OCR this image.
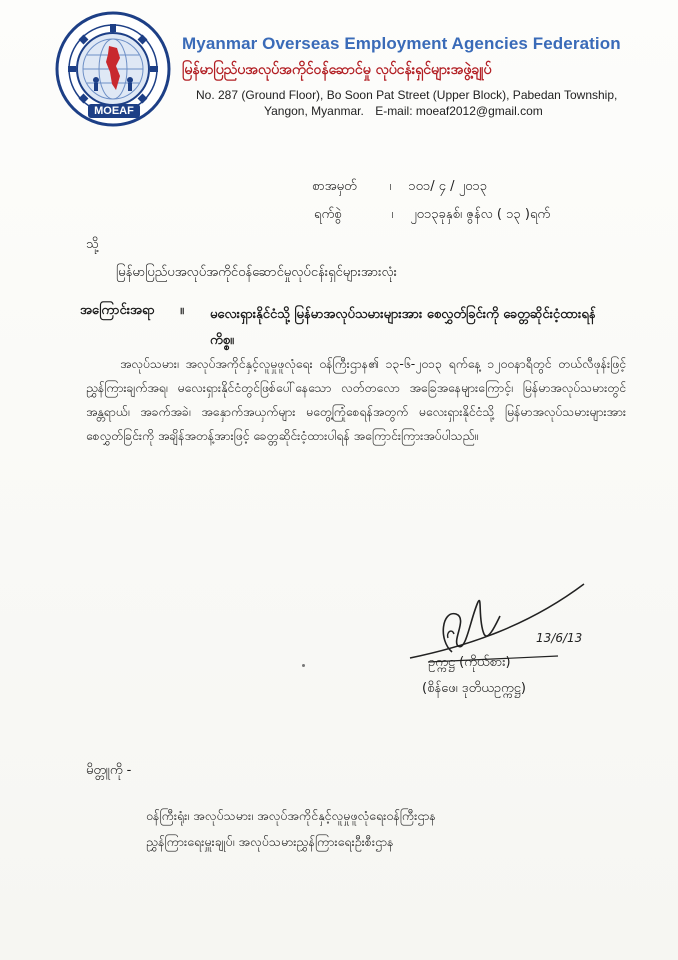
MOEAF
Myanmar Overseas Employment Agencies Federation
မြန်မာပြည်ပအလုပ်အကိုင်ဝန်ဆောင်မှု လုပ်ငန်းရှင်များအဖွဲ့ချုပ်
No. 287 (Ground Floor), Bo Soon Pat Street (Upper Block), Pabedan Township,
Yangon, Myanmar. E-mail: moeaf2012@gmail.com
စာအမှတ် ၊ ၁၀၁/ ၄ / ၂၀၁၃
ရက်စွဲ	၊ ၂၀၁၃ခုနှစ်၊ ဇွန်လ ( ၁၃ )ရက်
သို့
မြန်မာပြည်ပအလုပ်အကိုင်ဝန်ဆောင်မှုလုပ်ငန်းရှင်များအားလုံး
အကြောင်းအရာ ။ မလေးရှားနိုင်ငံသို့ မြန်မာအလုပ်သမားများအား စေလွှတ်ခြင်းကို ခေတ္တဆိုင်းငံ့ထားရန်ကိစ္စ။
အလုပ်သမား၊ အလုပ်အကိုင်နှင့်လူမှုဖူလုံရေး ဝန်ကြီးဌာန၏ ၁၃-၆-၂၀၁၃ ရက်နေ့ ၁၂၀၀နာရီတွင် တယ်လီဖုန်းဖြင့် ညွှန်ကြားချက်အရ၊ မလေးရှားနိုင်ငံတွင်ဖြစ်ပေါ်နေသော လတ်တလော အခြေအနေများကြောင့်၊ မြန်မာအလုပ်သမားတွင် အန္တရာယ်၊ အခက်အခဲ၊ အနှောက်အယှက်များ မတွေ့ကြုံစေရန်အတွက် မလေးရှားနိုင်ငံသို့ မြန်မာအလုပ်သမားများအား စေလွှတ်ခြင်းကို အချိန်အတန့်အားဖြင့် ခေတ္တဆိုင်းငံ့ထားပါရန် အကြောင်းကြားအပ်ပါသည်။
13/6/13
ဥက္ကဋ္ဌ (ကိုယ်စား)
(စိန်ဖေ၊ ဒုတိယဥက္ကဋ္ဌ)
မိတ္တူကို -
ဝန်ကြီးရုံး၊ အလုပ်သမား၊ အလုပ်အကိုင်နှင့်လူမှုဖူလုံရေးဝန်ကြီးဌာန
ညွှန်ကြားရေးမှူးချုပ်၊ အလုပ်သမားညွှန်ကြားရေးဦးစီးဌာန
